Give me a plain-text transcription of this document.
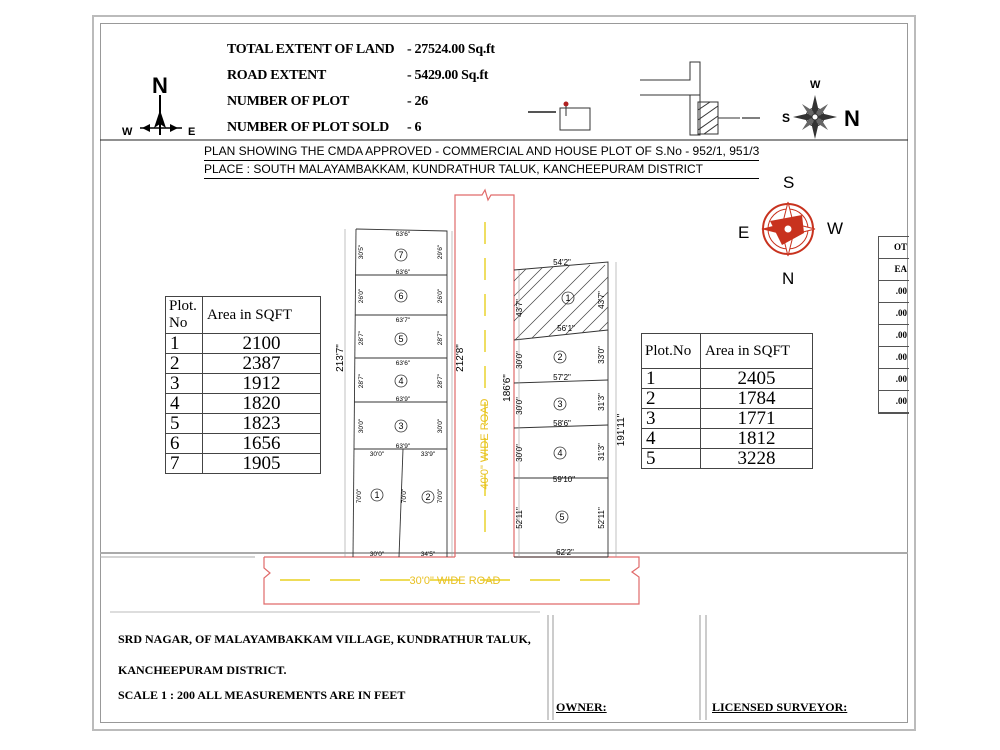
7
6
5
4
3
1	2
1
2
3
4
5
63'6"
63'6"
63'7"
63'6"
63'9"
63'9"
30'0"	33'9"
30'0"	34'5"
54'2"
56'1"
57'2"
58'6"
59'10"
62'2"
30'5"	29'6"
26'0"	26'0"
28'7"	28'7"
28'7"	28'7"
30'0"	30'0"
70'0"	70'0"	70'0"
43'7"	43'7"
30'0"	33'0"
30'0"	31'3"
30'0"	31'3"
52'11"	52'11"
213'7"	212'8"
186'6"
191'11"
40'0" WIDE ROAD
30'0" WIDE ROAD
N
W	E
W
S N
S
E	W
N
TOTAL EXTENT OF LAND - 27524.00 Sq.ft
ROAD EXTENT	- 5429.00 Sq.ft
NUMBER OF PLOT	- 26
NUMBER OF PLOT SOLD - 6
PLAN SHOWING THE CMDA APPROVED - COMMERCIAL AND HOUSE PLOT OF S.No - 952/1, 951/3
PLACE : SOUTH MALAYAMBAKKAM, KUNDRATHUR TALUK, KANCHEEPURAM DISTRICT
Plot. No	Area in SQFT
1	2100
2	2387
3	1912
4	1820
5	1823
6	1656
7	1905
Plot.No	Area in SQFT
1	2405
2	1784
3	1771
4	1812
5	3228
OT
EA
.00
.00
.00
.00
.00
.00
SRD NAGAR, OF MALAYAMBAKKAM VILLAGE, KUNDRATHUR TALUK,
KANCHEEPURAM DISTRICT.
SCALE 1 : 200 ALL MEASUREMENTS ARE IN FEET
OWNER:	LICENSED SURVEYOR:
